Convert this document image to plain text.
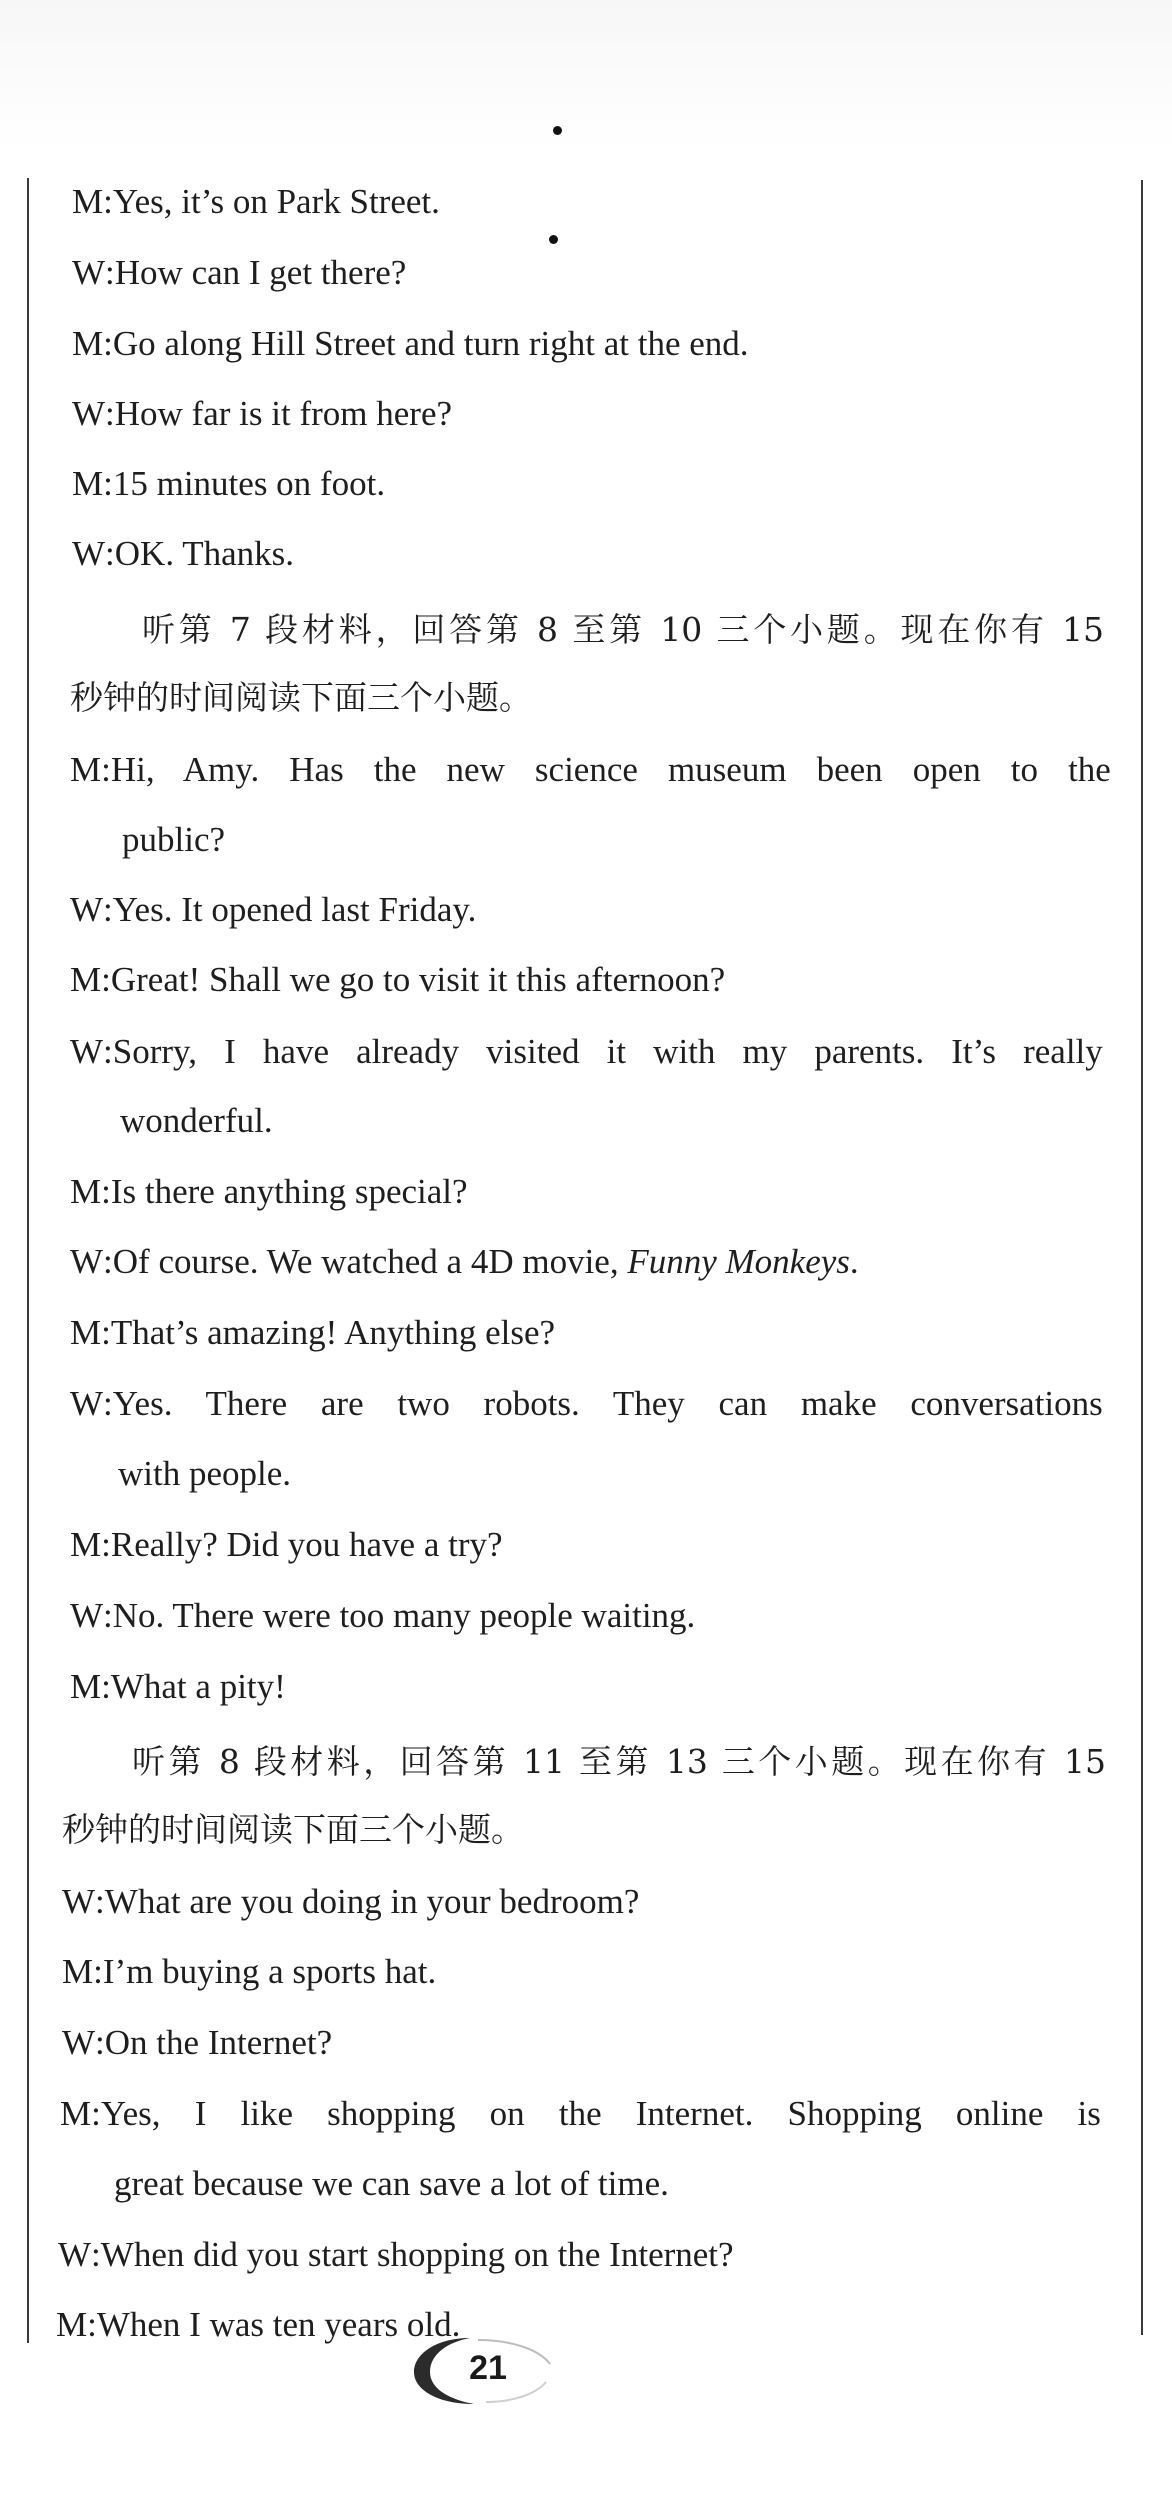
M : Yes, it’s on Park Street.
W : How can I get there?
M : Go along Hill Street and turn right at the end.
W : How far is it from here?
M : 15 minutes on foot.
W : OK. Thanks.
听第 7 段材料，回答第 8 至第 10 三个小题。现在你有 15
秒钟的时间阅读下面三个小题。
M : Hi, Amy. Has the new science museum been open to the
public?
W : Yes. It opened last Friday.
M : Great! Shall we go to visit it this afternoon?
W : Sorry, I have already visited it with my parents. It’s really
wonderful.
M : Is there anything special?
W : Of course. We watched a 4D movie,
Funny Monkeys .
M : That’s amazing! Anything else?
W : Yes. There are two robots. They can make conversations
with people.
M : Really? Did you have a try?
W : No. There were too many people waiting.
M : What a pity!
听第 8 段材料，回答第 11 至第 13 三个小题。现在你有 15
秒钟的时间阅读下面三个小题。
W : What are you doing in your bedroom?
M : I’m buying a sports hat.
W : On the Internet?
M : Yes, I like shopping on the Internet. Shopping online is
great because we can save a lot of time.
W : When did you start shopping on the Internet?
M : When I was ten years old.
21
